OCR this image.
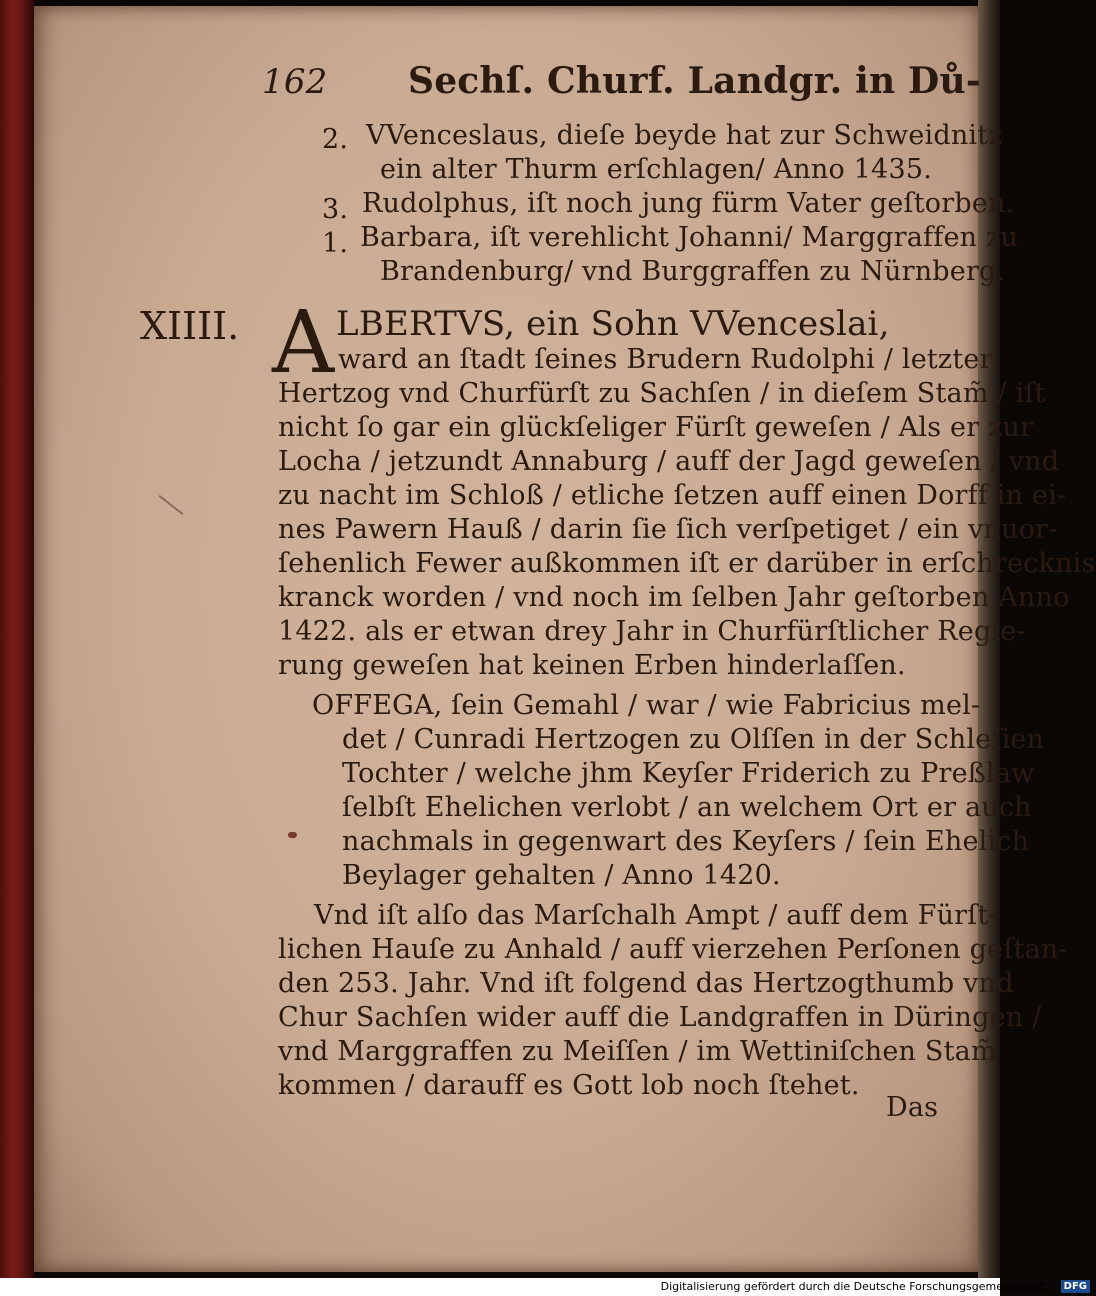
162 Sechſ. Churf. Landgr. in Dů-
2. VVenceslaus, dieſe beyde hat zur Schweidnitz
ein alter Thurm erſchlagen/ Anno 1435.
3. Rudolphus, iſt noch jung fürm Vater geſtorben.
1. Barbara, iſt verehlicht Johanni/ Marggraffen zu
Brandenburg/ vnd Burggraffen zu Nürnberg.
XIIII. A LBERTVS, ein Sohn VVenceslai,
ward an ſtadt ſeines Brudern Rudolphi / letzter
Hertzog vnd Churfürſt zu Sachſen / in dieſem Stam̃ / iſt
nicht ſo gar ein glückſeliger Fürſt geweſen / Als er zur
Locha / jetzundt Annaburg / auff der Jagd geweſen / vnd
zu nacht im Schloß / etliche ſetzen auff einen Dorff in ei-
nes Pawern Hauß / darin ſie ſich verſpetiget / ein vnuor-
ſehenlich Fewer außkommen iſt er darüber in erſchrecknis
kranck worden / vnd noch im ſelben Jahr geſtorben Anno
1422. als er etwan drey Jahr in Churfürſtlicher Regie-
rung geweſen hat keinen Erben hinderlaſſen.
OFFEGA, ſein Gemahl / war / wie Fabricius mel-
det / Cunradi Hertzogen zu Olſſen in der Schleſien
Tochter / welche jhm Keyſer Friderich zu Preßlaw
ſelbſt Ehelichen verlobt / an welchem Ort er auch
nachmals in gegenwart des Keyſers / ſein Ehelich
Beylager gehalten / Anno 1420.
Vnd iſt alſo das Marſchalh Ampt / auff dem Fürſt-
lichen Hauſe zu Anhald / auff vierzehen Perſonen geſtan-
den 253. Jahr. Vnd iſt folgend das Hertzogthumb vnd
Chur Sachſen wider auff die Landgraffen in Düringen /
vnd Marggraffen zu Meiſſen / im Wettiniſchen Stam̃
kommen / darauff es Gott lob noch ſtehet.
Das
Digitalisierung gefördert durch die Deutsche Forschungsgemeinschaft - DFG
